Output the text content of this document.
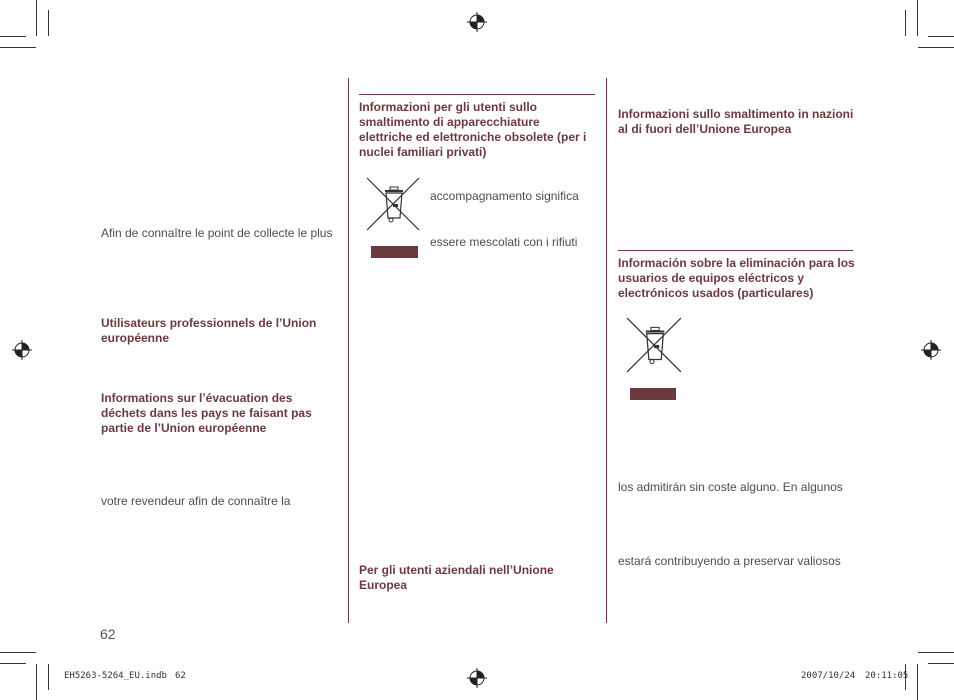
Afin de connaître le point de collecte le plus
Utilisateurs professionnels de l’Union européenne
Informations sur l’évacuation des déchets dans les pays ne faisant pas partie de l’Union européenne
votre revendeur afin de connaître la
62
Informazioni per gli utenti sullo smaltimento di apparecchiature elettriche ed elettroniche obsolete (per i nuclei familiari privati)
accompagnamento significa
essere mescolati con i rifiuti
Per gli utenti aziendali nell’Unione Europea
Informazioni sullo smaltimento in nazioni al di fuori dell’Unione Europea
Información sobre la eliminación para los usuarios de equipos eléctricos y electrónicos usados (particulares)
los admitirán sin coste alguno. En algunos
estará contribuyendo a preservar valiosos
EH5263-5264_EU.indb 62	2007/10/24 20:11:05
